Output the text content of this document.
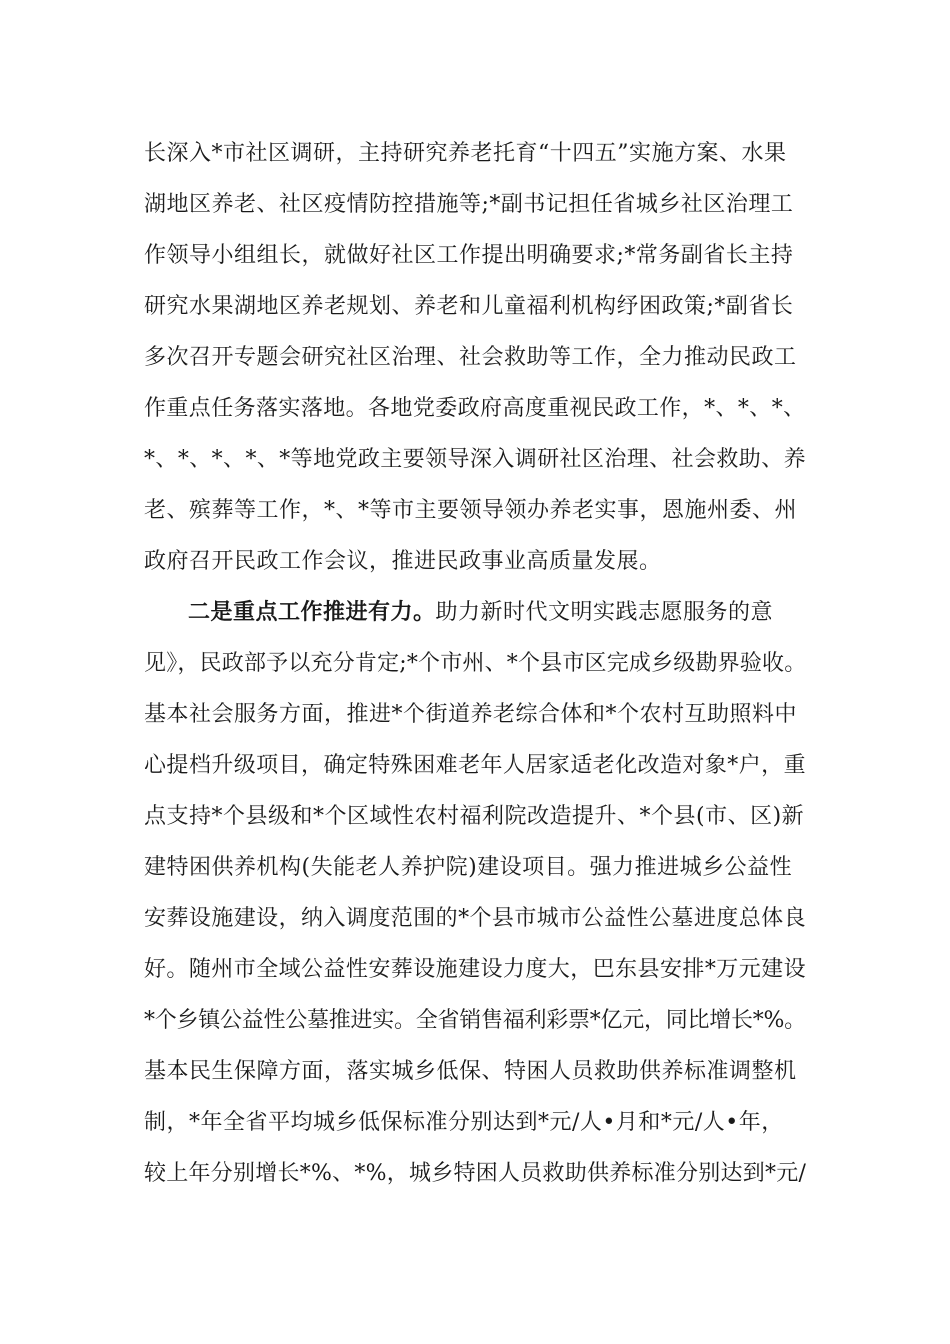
长深入*市社区调研，主持研究养老托育“十四五”实施方案、水果
湖地区养老、社区疫情防控措施等;*副书记担任省城乡社区治理工
作领导小组组长，就做好社区工作提出明确要求;*常务副省长主持
研究水果湖地区养老规划、养老和儿童福利机构纾困政策;*副省长
多次召开专题会研究社区治理、社会救助等工作，全力推动民政工
作重点任务落实落地。各地党委政府高度重视民政工作，*、*、*、
*、*、*、*、*等地党政主要领导深入调研社区治理、社会救助、养
老、殡葬等工作，*、*等市主要领导领办养老实事，恩施州委、州
政府召开民政工作会议，推进民政事业高质量发展。
二是重点工作推进有力。助力新时代文明实践志愿服务的意
见》，民政部予以充分肯定;*个市州、*个县市区完成乡级勘界验收。
基本社会服务方面，推进*个街道养老综合体和*个农村互助照料中
心提档升级项目，确定特殊困难老年人居家适老化改造对象*户，重
点支持*个县级和*个区域性农村福利院改造提升、*个县(市、区)新
建特困供养机构(失能老人养护院)建设项目。强力推进城乡公益性
安葬设施建设，纳入调度范围的*个县市城市公益性公墓进度总体良
好。随州市全域公益性安葬设施建设力度大，巴东县安排*万元建设
*个乡镇公益性公墓推进实。全省销售福利彩票*亿元，同比增长*%。
基本民生保障方面，落实城乡低保、特困人员救助供养标准调整机
制，*年全省平均城乡低保标准分别达到*元/人•月和*元/人•年，
较上年分别增长*%、*%，城乡特困人员救助供养标准分别达到*元/
